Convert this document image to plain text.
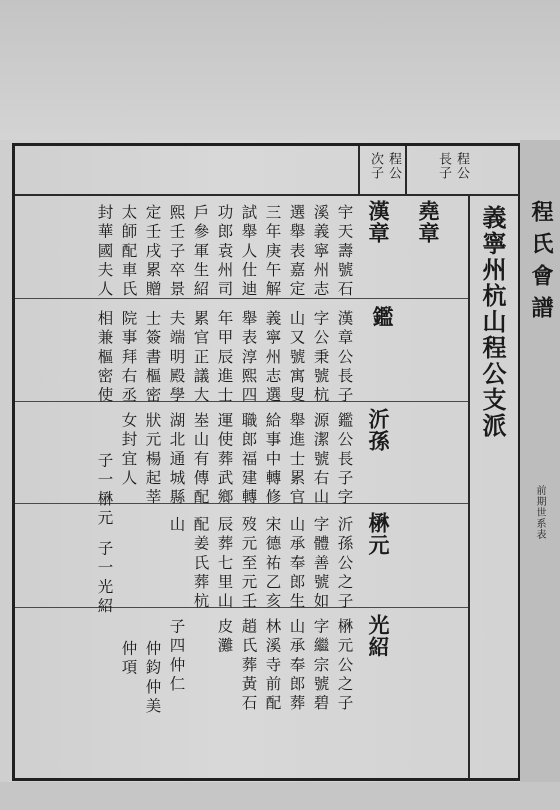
程氏會譜
前期世系表
程公
長子
程公
次子
義寧州杭山程公支派
堯章
漢章
宇天壽號石
溪義寧州志
選舉表嘉定
三年庚午解
試舉人仕迪
功郎袁州司
戶參軍生紹
熙壬子卒景
定壬戌累贈
太師配車氏
封華國夫人
鑑
漢章公長子
字公秉號杭
山又號寓叟
義寧州志選
舉表淳熙四
年甲辰進士
累官正議大
夫端明殿學
士簽書樞密
院事拜右丞
相兼樞密使
沂孫
鑑公長子字
源潔號右山
舉進士累官
給事中轉修
職郎福建轉
運使葬武鄉
峚山有傳配
湖北通城縣
狀元楊起莘
女封宜人
子一楙元
楙元
沂孫公之子
字體善號如
山承奉郎生
宋德祐乙亥
歿元至元壬
辰葬七里山
配姜氏葬杭
山
子一光紹
光紹
楙元公之子
字繼宗號碧
山承奉郎葬
林溪寺前配
趙氏葬黃石
皮灘
子四仲仁
仲鈞仲美
仲項
